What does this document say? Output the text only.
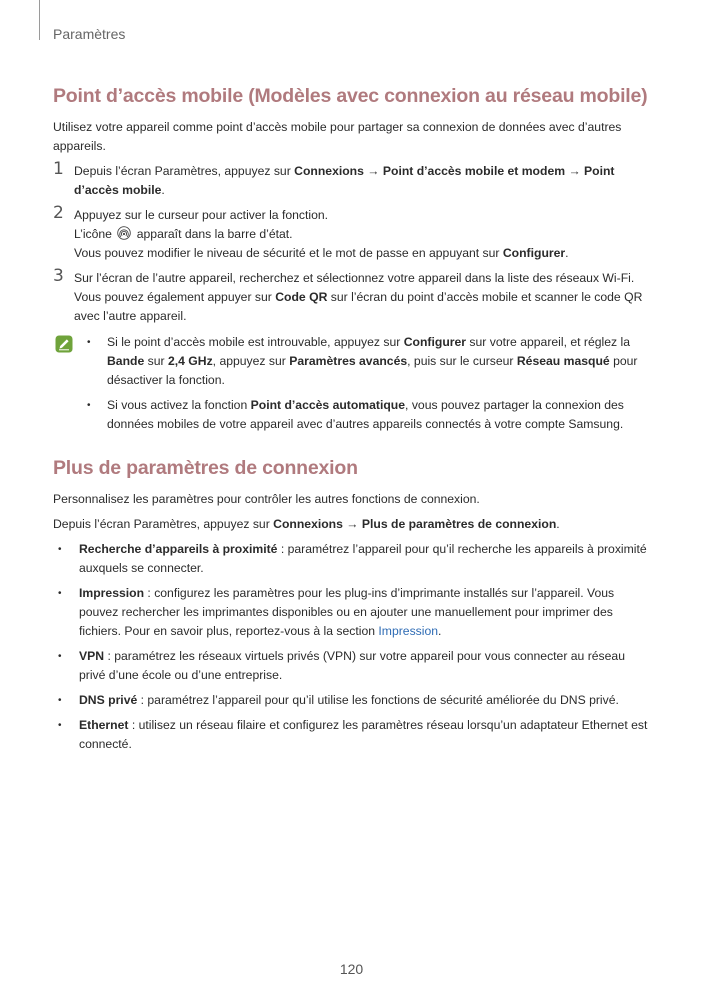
Paramètres
Point d’accès mobile (Modèles avec connexion au réseau mobile)

Utilisez votre appareil comme point d’accès mobile pour partager sa connexion de données avec d’autres appareils.

1 Depuis l’écran Paramètres, appuyez sur Connexions → Point d’accès mobile et modem → Point d’accès mobile.

2 Appuyez sur le curseur pour activer la fonction.

L’icône  apparaît dans la barre d’état.

Vous pouvez modifier le niveau de sécurité et le mot de passe en appuyant sur Configurer.

3 Sur l’écran de l’autre appareil, recherchez et sélectionnez votre appareil dans la liste des réseaux Wi-Fi.

Vous pouvez également appuyer sur Code QR sur l’écran du point d’accès mobile et scanner le code QR avec l’autre appareil.

• Si le point d’accès mobile est introuvable, appuyez sur Configurer sur votre appareil, et réglez la Bande sur 2,4 GHz, appuyez sur Paramètres avancés, puis sur le curseur Réseau masqué pour désactiver la fonction.
• Si vous activez la fonction Point d’accès automatique, vous pouvez partager la connexion des données mobiles de votre appareil avec d’autres appareils connectés à votre compte Samsung.
Plus de paramètres de connexion

Personnalisez les paramètres pour contrôler les autres fonctions de connexion.

Depuis l’écran Paramètres, appuyez sur Connexions → Plus de paramètres de connexion.

• Recherche d’appareils à proximité : paramétrez l’appareil pour qu’il recherche les appareils à proximité auxquels se connecter.
• Impression : configurez les paramètres pour les plug-ins d’imprimante installés sur l’appareil. Vous pouvez rechercher les imprimantes disponibles ou en ajouter une manuellement pour imprimer des fichiers. Pour en savoir plus, reportez-vous à la section Impression.
• VPN : paramétrez les réseaux virtuels privés (VPN) sur votre appareil pour vous connecter au réseau privé d’une école ou d’une entreprise.
• DNS privé : paramétrez l’appareil pour qu’il utilise les fonctions de sécurité améliorée du DNS privé.
• Ethernet : utilisez un réseau filaire et configurez les paramètres réseau lorsqu’un adaptateur Ethernet est connecté.
120
